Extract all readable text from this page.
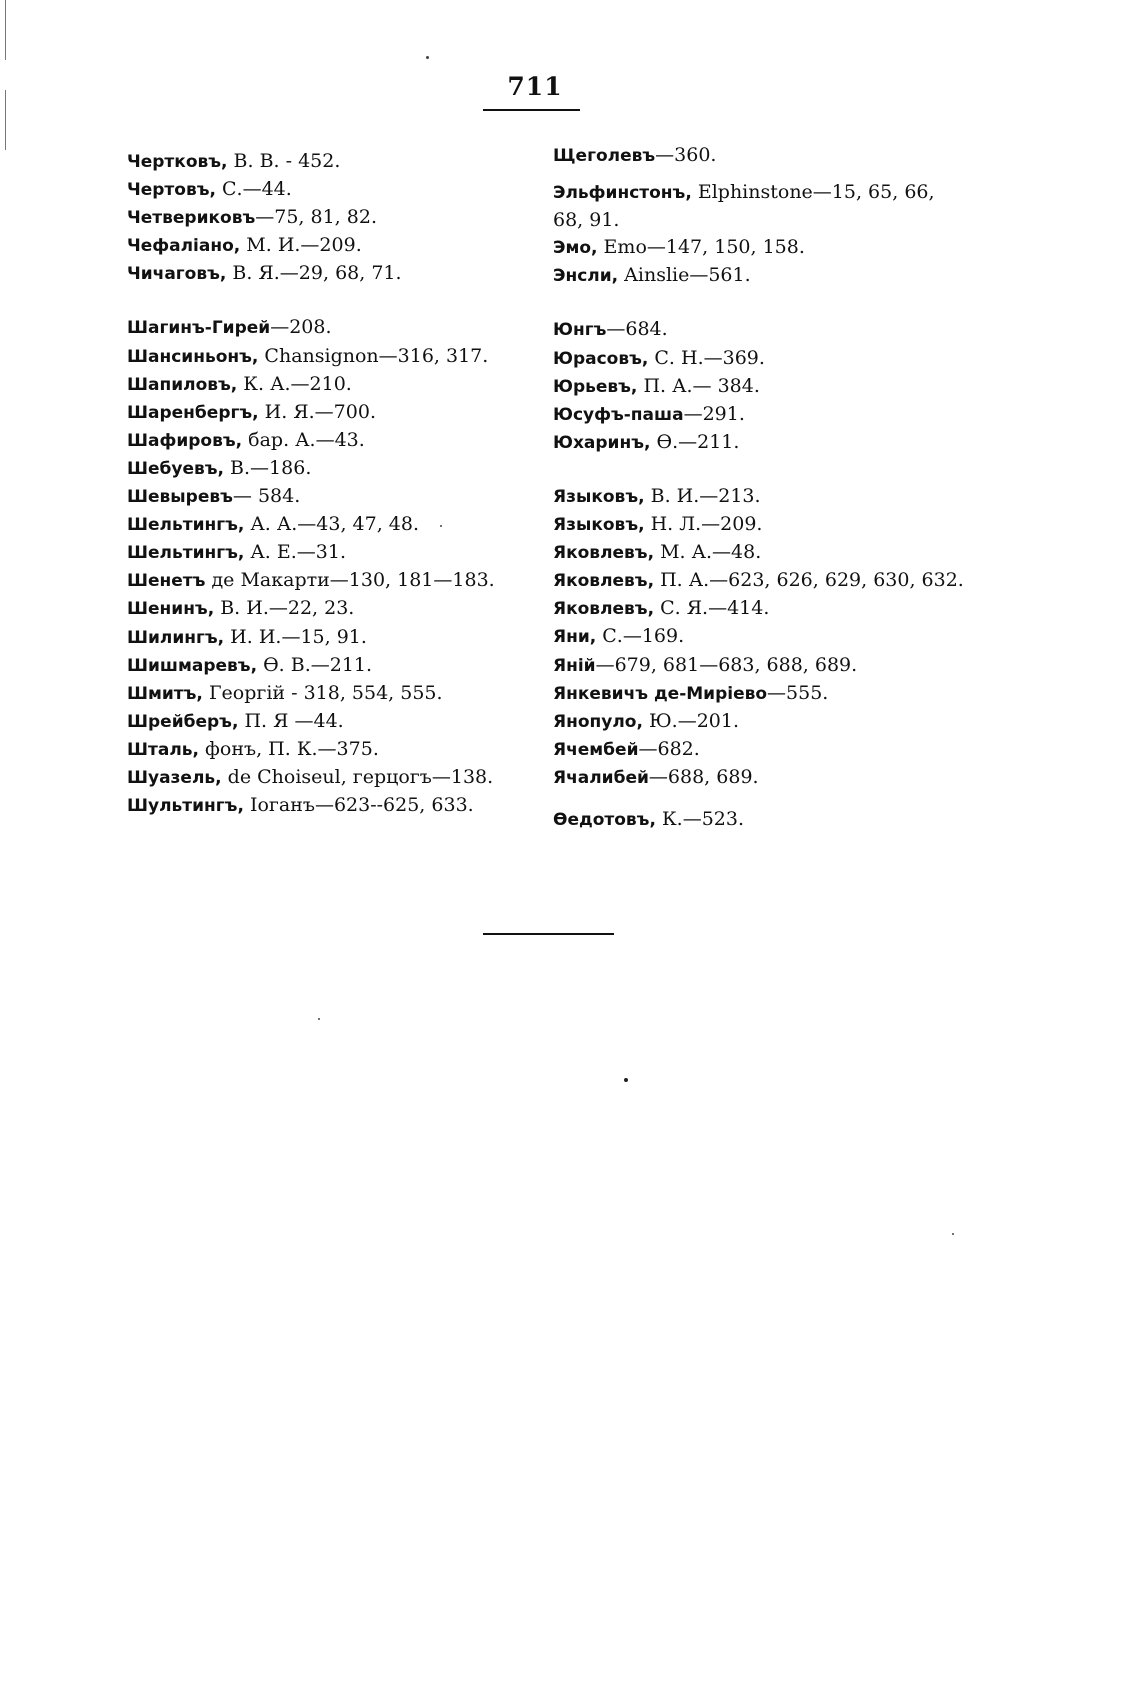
711
Чертковъ, В. В. - 452.
Чертовъ, С.—44.
Четвериковъ—75, 81, 82.
Чефаліано, М. И.—209.
Чичаговъ, В. Я.—29, 68, 71.
Шагинъ-Гирей—208.
Шансиньонъ, Chansignon—316, 317.
Шапиловъ, К. А.—210.
Шаренбергъ, И. Я.—700.
Шафировъ, бар. А.—43.
Шебуевъ, В.—186.
Шевыревъ— 584.
Шельтингъ, А. А.—43, 47, 48.
Шельтингъ, А. Е.—31.
Шенетъ де Макарти—130, 181—183.
Шенинъ, В. И.—22, 23.
Шилингъ, И. И.—15, 91.
Шишмаревъ, Ѳ. В.—211.
Шмитъ, Георгій - 318, 554, 555.
Шрейберъ, П. Я —44.
Шталь, фонъ, П. К.—375.
Шуазель, de Choiseul, герцогъ—138.
Шультингъ, Іоганъ—623--625, 633.
Щеголевъ—360.
Эльфинстонъ, Elphinstone—15, 65, 66, 68, 91.
Эмо, Emo—147, 150, 158.
Энсли, Ainslie—561.
Юнгъ—684.
Юрасовъ, С. Н.—369.
Юрьевъ, П. А.— 384.
Юсуфъ-паша—291.
Юхаринъ, Ѳ.—211.
Языковъ, В. И.—213.
Языковъ, Н. Л.—209.
Яковлевъ, М. А.—48.
Яковлевъ, П. А.—623, 626, 629, 630, 632.
Яковлевъ, С. Я.—414.
Яни, С.—169.
Яній—679, 681—683, 688, 689.
Янкевичъ де-Миріево—555.
Янопуло, Ю.—201.
Ячембей—682.
Ячалибей—688, 689.
Ѳедотовъ, К.—523.
